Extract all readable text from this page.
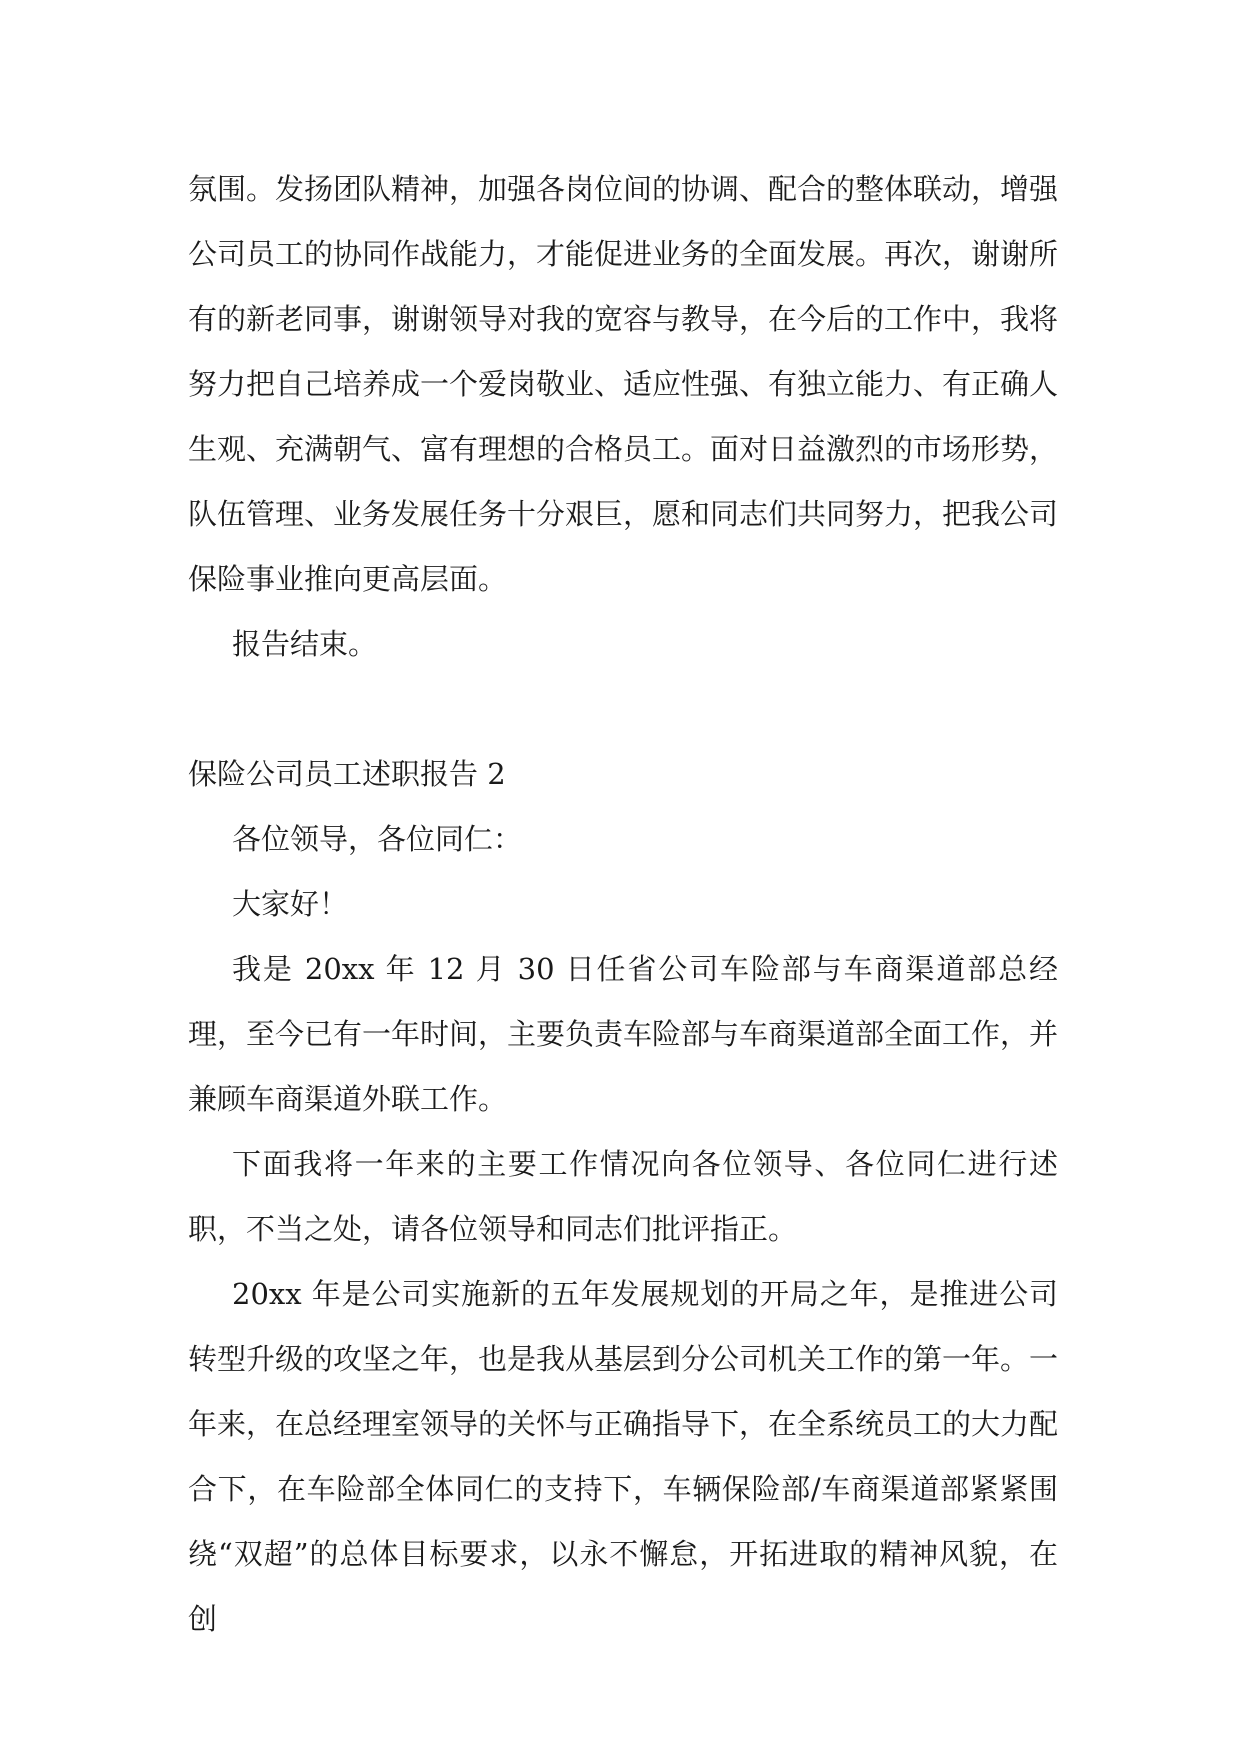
氛围。发扬团队精神，加强各岗位间的协调、配合的整体联动，增强公司员工的协同作战能力，才能促进业务的全面发展。再次，谢谢所有的新老同事，谢谢领导对我的宽容与教导，在今后的工作中，我将努力把自己培养成一个爱岗敬业、适应性强、有独立能力、有正确人生观、充满朝气、富有理想的合格员工。面对日益激烈的市场形势，队伍管理、业务发展任务十分艰巨，愿和同志们共同努力，把我公司保险事业推向更高层面。

报告结束。

保险公司员工述职报告 2

各位领导，各位同仁：

大家好！

我是 20xx 年 12 月 30 日任省公司车险部与车商渠道部总经理，至今已有一年时间，主要负责车险部与车商渠道部全面工作，并兼顾车商渠道外联工作。

下面我将一年来的主要工作情况向各位领导、各位同仁进行述职，不当之处，请各位领导和同志们批评指正。

20xx 年是公司实施新的五年发展规划的开局之年，是推进公司转型升级的攻坚之年，也是我从基层到分公司机关工作的第一年。一年来，在总经理室领导的关怀与正确指导下，在全系统员工的大力配合下，在车险部全体同仁的支持下，车辆保险部/车商渠道部紧紧围绕“双超”的总体目标要求，以永不懈怠，开拓进取的精神风貌，在创
